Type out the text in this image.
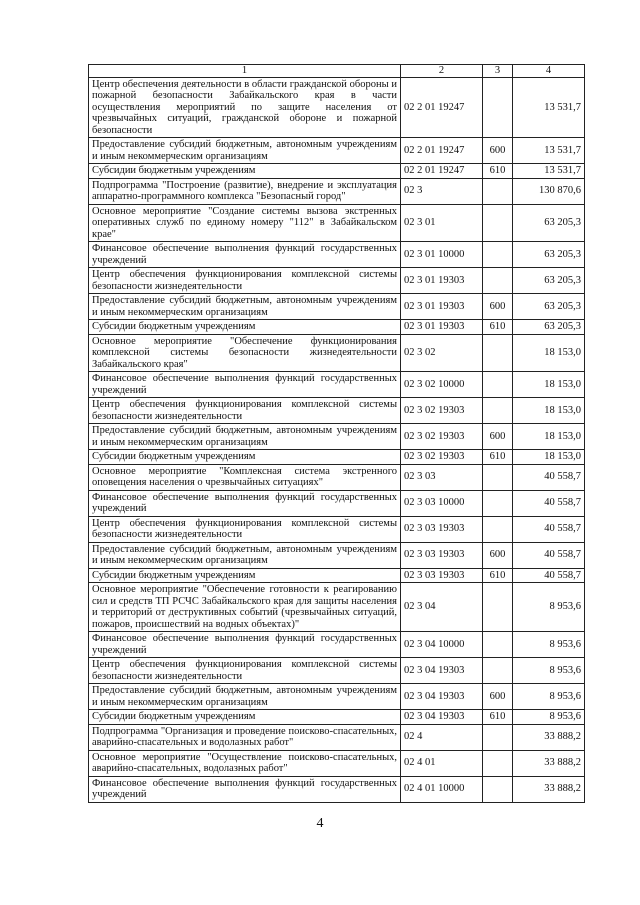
1	2	3	4
Центр обеспечения деятельности в области гражданской обороны и пожарной безопасности Забайкальского края в части осуществления мероприятий по защите населения от чрезвычайных ситуаций, гражданской обороне и пожарной безопасности	02 2 01 19247		13 531,7
Предоставление субсидий бюджетным, автономным учреждениям и иным некоммерческим организациям	02 2 01 19247	600	13 531,7
Субсидии бюджетным учреждениям	02 2 01 19247	610	13 531,7
Подпрограмма "Построение (развитие), внедрение и эксплуатация аппаратно-программного комплекса "Безопасный город"	02 3		130 870,6
Основное мероприятие "Создание системы вызова экстренных оперативных служб по единому номеру "112" в Забайкальском крае"	02 3 01		63 205,3
Финансовое обеспечение выполнения функций государственных учреждений	02 3 01 10000		63 205,3
Центр обеспечения функционирования комплексной системы безопасности жизнедеятельности	02 3 01 19303		63 205,3
Предоставление субсидий бюджетным, автономным учреждениям и иным некоммерческим организациям	02 3 01 19303	600	63 205,3
Субсидии бюджетным учреждениям	02 3 01 19303	610	63 205,3
Основное мероприятие "Обеспечение функционирования комплексной системы безопасности жизнедеятельности Забайкальского края"	02 3 02		18 153,0
Финансовое обеспечение выполнения функций государственных учреждений	02 3 02 10000		18 153,0
Центр обеспечения функционирования комплексной системы безопасности жизнедеятельности	02 3 02 19303		18 153,0
Предоставление субсидий бюджетным, автономным учреждениям и иным некоммерческим организациям	02 3 02 19303	600	18 153,0
Субсидии бюджетным учреждениям	02 3 02 19303	610	18 153,0
Основное мероприятие "Комплексная система экстренного оповещения населения о чрезвычайных ситуациях"	02 3 03		40 558,7
Финансовое обеспечение выполнения функций государственных учреждений	02 3 03 10000		40 558,7
Центр обеспечения функционирования комплексной системы безопасности жизнедеятельности	02 3 03 19303		40 558,7
Предоставление субсидий бюджетным, автономным учреждениям и иным некоммерческим организациям	02 3 03 19303	600	40 558,7
Субсидии бюджетным учреждениям	02 3 03 19303	610	40 558,7
Основное мероприятие "Обеспечение готовности к реагированию сил и средств ТП РСЧС Забайкальского края для защиты населения и территорий от деструктивных событий (чрезвычайных ситуаций, пожаров, происшествий на водных объектах)"	02 3 04		8 953,6
Финансовое обеспечение выполнения функций государственных учреждений	02 3 04 10000		8 953,6
Центр обеспечения функционирования комплексной системы безопасности жизнедеятельности	02 3 04 19303		8 953,6
Предоставление субсидий бюджетным, автономным учреждениям и иным некоммерческим организациям	02 3 04 19303	600	8 953,6
Субсидии бюджетным учреждениям	02 3 04 19303	610	8 953,6
Подпрограмма "Организация и проведение поисково-спасательных, аварийно-спасательных и водолазных работ"	02 4		33 888,2
Основное мероприятие "Осуществление поисково-спасательных, аварийно-спасательных, водолазных работ"	02 4 01		33 888,2
Финансовое обеспечение выполнения функций государственных учреждений	02 4 01 10000		33 888,2
4
